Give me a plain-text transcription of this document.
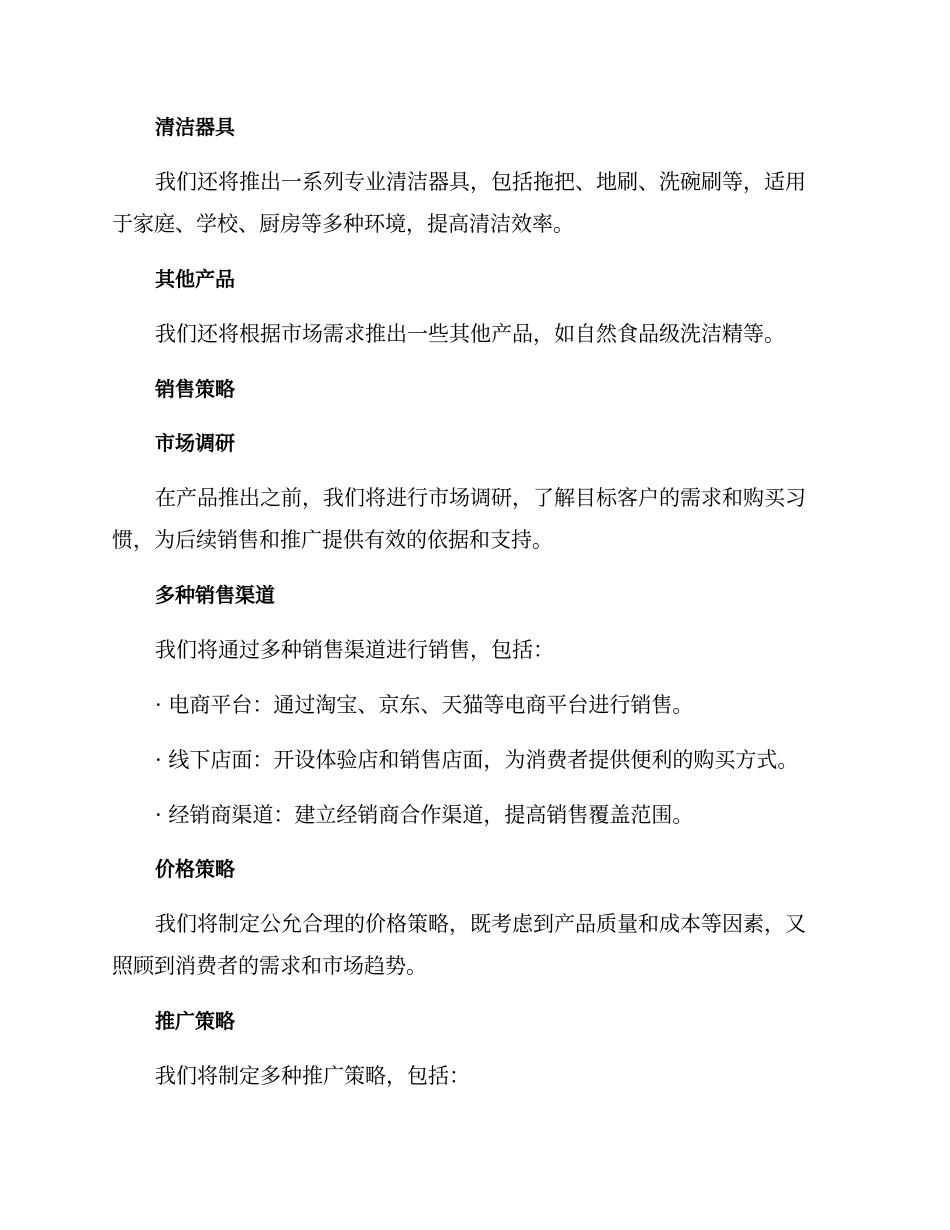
清洁器具

我们还将推出一系列专业清洁器具，包括拖把、地刷、洗碗刷等，适用

于家庭、学校、厨房等多种环境，提高清洁效率。

其他产品

我们还将根据市场需求推出一些其他产品，如自然食品级洗洁精等。

销售策略

市场调研

在产品推出之前，我们将进行市场调研，了解目标客户的需求和购买习

惯，为后续销售和推广提供有效的依据和支持。

多种销售渠道

我们将通过多种销售渠道进行销售，包括：

· 电商平台：通过淘宝、京东、天猫等电商平台进行销售。

· 线下店面：开设体验店和销售店面，为消费者提供便利的购买方式。

· 经销商渠道：建立经销商合作渠道，提高销售覆盖范围。

价格策略

我们将制定公允合理的价格策略，既考虑到产品质量和成本等因素，又

照顾到消费者的需求和市场趋势。

推广策略

我们将制定多种推广策略，包括：
